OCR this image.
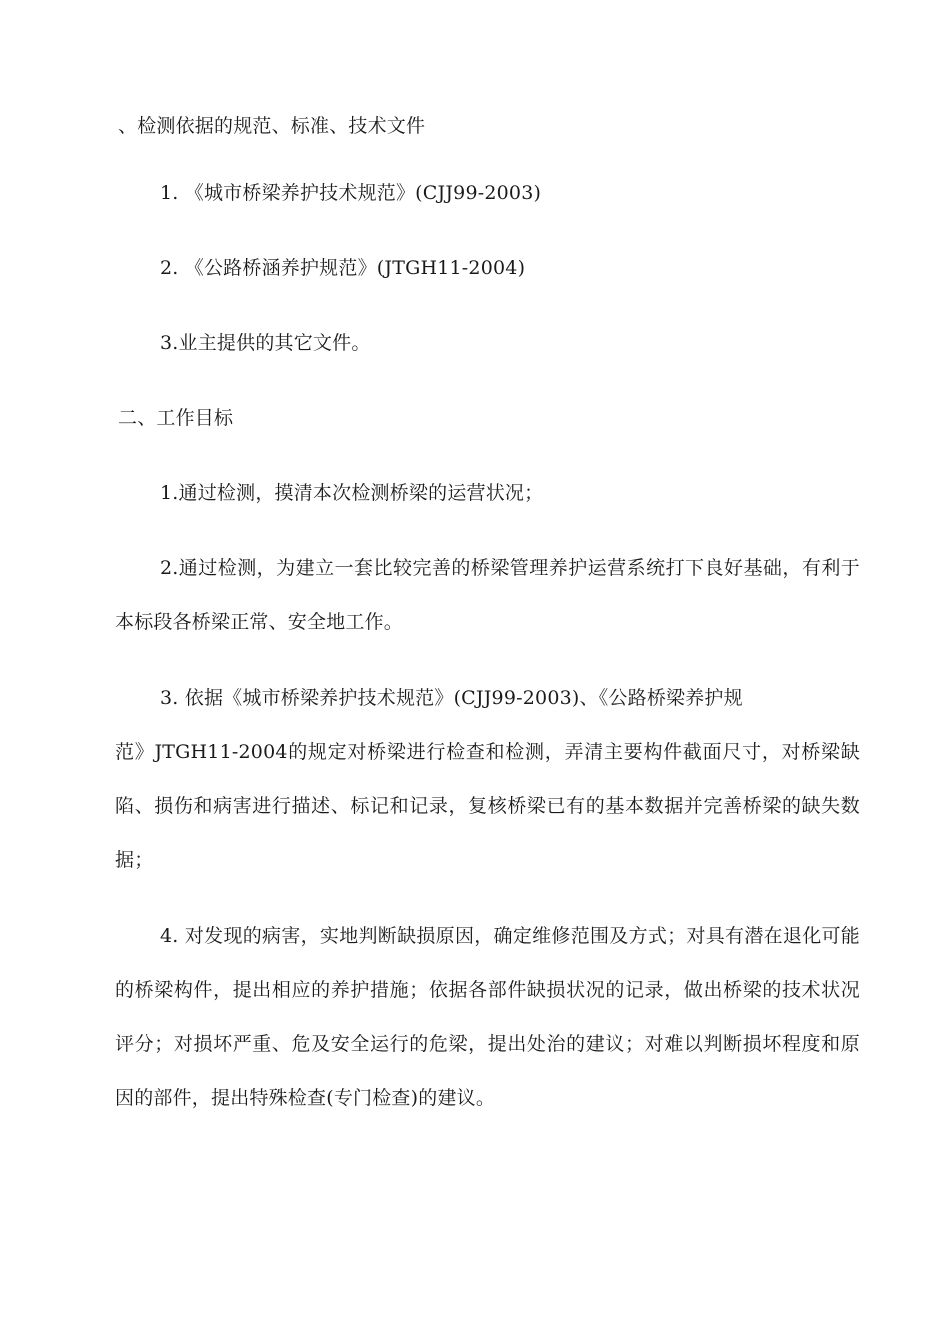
、检测依据的规范、标准、技术文件
1. 《城市桥梁养护技术规范》(CJJ99-2003)
2. 《公路桥涵养护规范》(JTGH11-2004)
3.业主提供的其它文件。
二、工作目标
1.通过检测，摸清本次检测桥梁的运营状况；
2.通过检测，为建立一套比较完善的桥梁管理养护运营系统打下良好基础，有利于本标段各桥梁正常、安全地工作。
3. 依据《城市桥梁养护技术规范》(CJJ99-2003)、《公路桥梁养护规
范》JTGH11-2004的规定对桥梁进行检查和检测，弄清主要构件截面尺寸，对桥梁缺陷、损伤和病害进行描述、标记和记录，复核桥梁已有的基本数据并完善桥梁的缺失数据；
4. 对发现的病害，实地判断缺损原因，确定维修范围及方式；对具有潜在退化可能的桥梁构件，提出相应的养护措施；依据各部件缺损状况的记录，做出桥梁的技术状况评分；对损坏严重、危及安全运行的危梁，提出处治的建议；对难以判断损坏程度和原因的部件，提出特殊检查(专门检查)的建议。
